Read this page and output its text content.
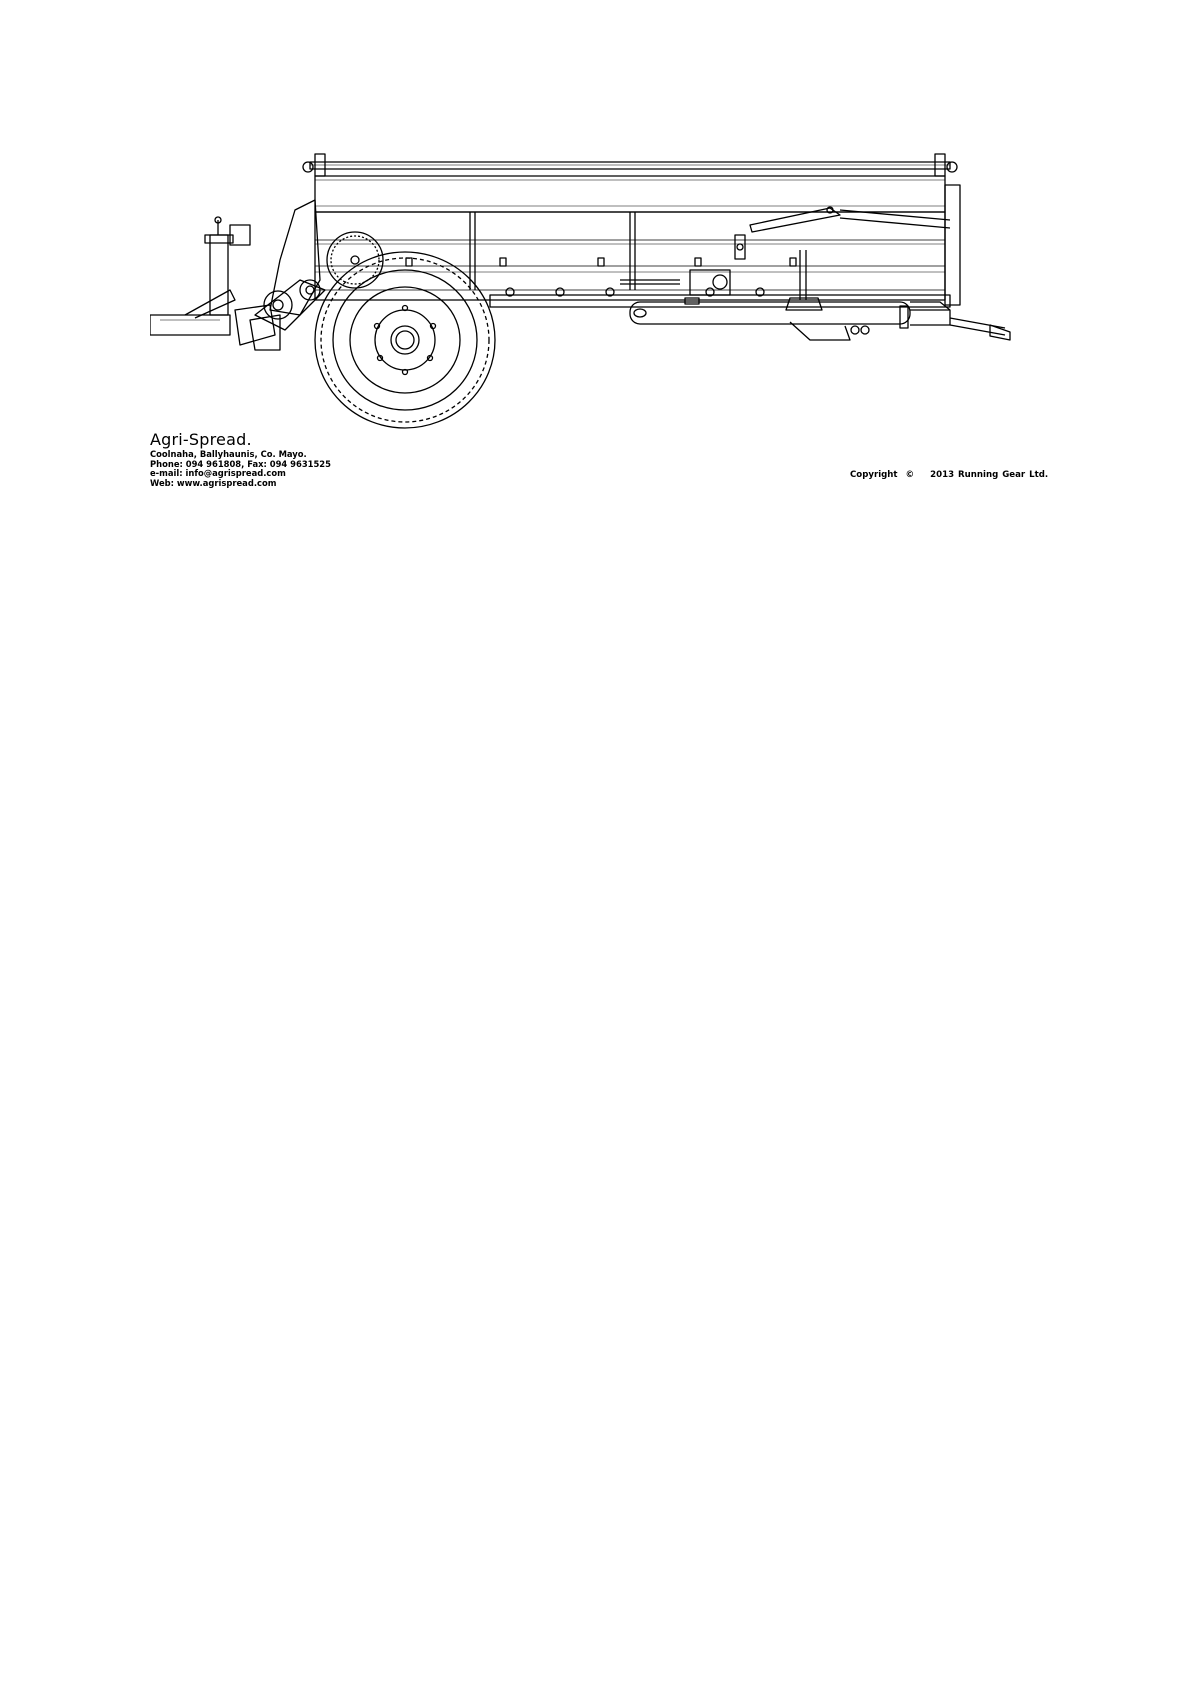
Agri-Spread.
Coolnaha, Ballyhaunis, Co. Mayo.
Phone: 094 961808, Fax: 094 9631525
e-mail: info@agrispread.com
Web: www.agrispread.com
Copyright © 2013 Running Gear Ltd.
